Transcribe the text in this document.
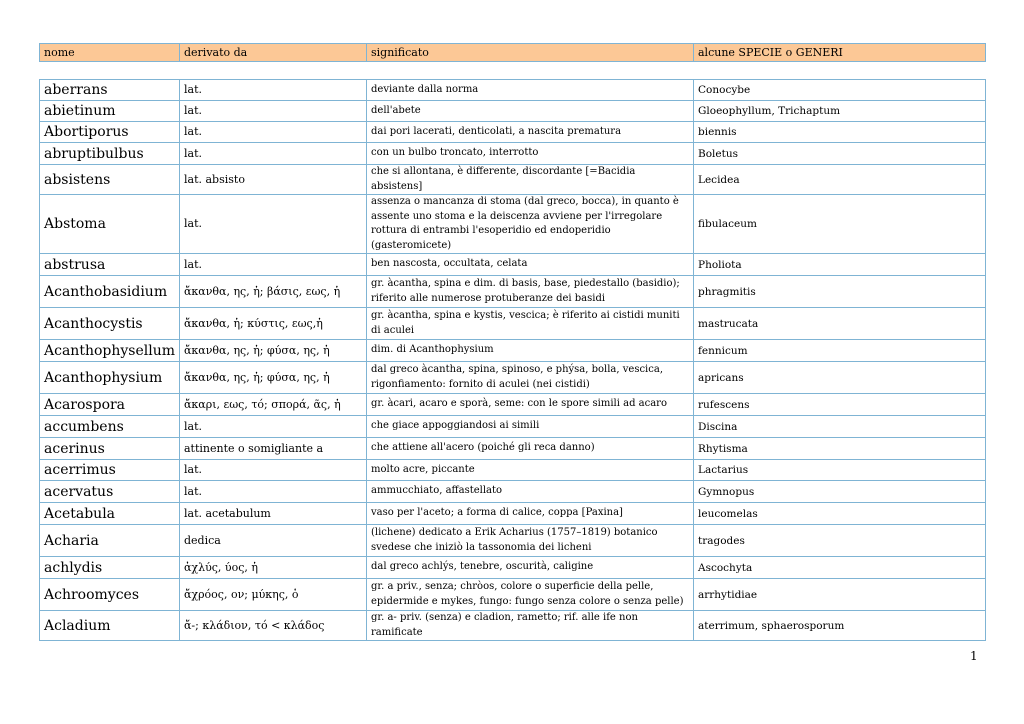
nome	derivato da	significato	alcune SPECIE o GENERI
aberrans	lat.	deviante dalla norma	Conocybe
abietinum	lat.	dell'abete	Gloeophyllum, Trichaptum
Abortiporus	lat.	dai pori lacerati, denticolati, a nascita prematura	biennis
abruptibulbus	lat.	con un bulbo troncato, interrotto	Boletus
absistens	lat. absisto	che si allontana, è differente, discordante [=Bacidia absistens]	Lecidea
Abstoma	lat.	assenza o mancanza di stoma (dal greco, bocca), in quanto è assente uno stoma e la deiscenza avviene per l'irregolare rottura di entrambi l'esoperidio ed endoperidio (gasteromicete)	fibulaceum
abstrusa	lat.	ben nascosta, occultata, celata	Pholiota
Acanthobasidium	ἄκανθα, ης, ἡ; βάσις, εως, ἡ	gr. àcantha, spina e dim. di basis, base, piedestallo (basidio); riferito alle numerose protuberanze dei basidi	phragmitis
Acanthocystis	ἄκανθα, ἡ; κύστις, εως,ἡ	gr. àcantha, spina e kystis, vescica; è riferito ai cistidi muniti di aculei	mastrucata
Acanthophysellum	ἄκανθα, ης, ἡ; φύσα, ης, ἡ	dim. di Acanthophysium	fennicum
Acanthophysium	ἄκανθα, ης, ἡ; φύσα, ης, ἡ	dal greco àcantha, spina, spinoso, e phýsa, bolla, vescica, rigonfiamento: fornito di aculei (nei cistidi)	apricans
Acarospora	ἄκαρι, εως, τό; σπορά, ᾶς, ἡ	gr. àcari, acaro e sporà, seme: con le spore simili ad acaro	rufescens
accumbens	lat.	che giace appoggiandosi ai simili	Discina
acerinus	attinente o somigliante a	che attiene all'acero (poiché gli reca danno)	Rhytisma
acerrimus	lat.	molto acre, piccante	Lactarius
acervatus	lat.	ammucchiato, affastellato	Gymnopus
Acetabula	lat. acetabulum	vaso per l'aceto; a forma di calice, coppa [Paxina]	leucomelas
Acharia	dedica	(lichene) dedicato a Erik Acharius (1757–1819) botanico svedese che iniziò la tassonomia dei licheni	tragodes
achlydis	ἀχλύς, ύος, ἡ	dal greco achlýs, tenebre, oscurità, caligine	Ascochyta
Achroomyces	ἄχρόος, ον; μύκης, ὁ	gr. a priv., senza; chròos, colore o superficie della pelle, epidermide e mykes, fungo: fungo senza colore o senza pelle)	arrhytidiae
Acladium	ἄ-; κλάδιον, τό < κλάδος	gr. a- priv. (senza) e cladion, rametto; rif. alle ife non ramificate	aterrimum, sphaerosporum
1
